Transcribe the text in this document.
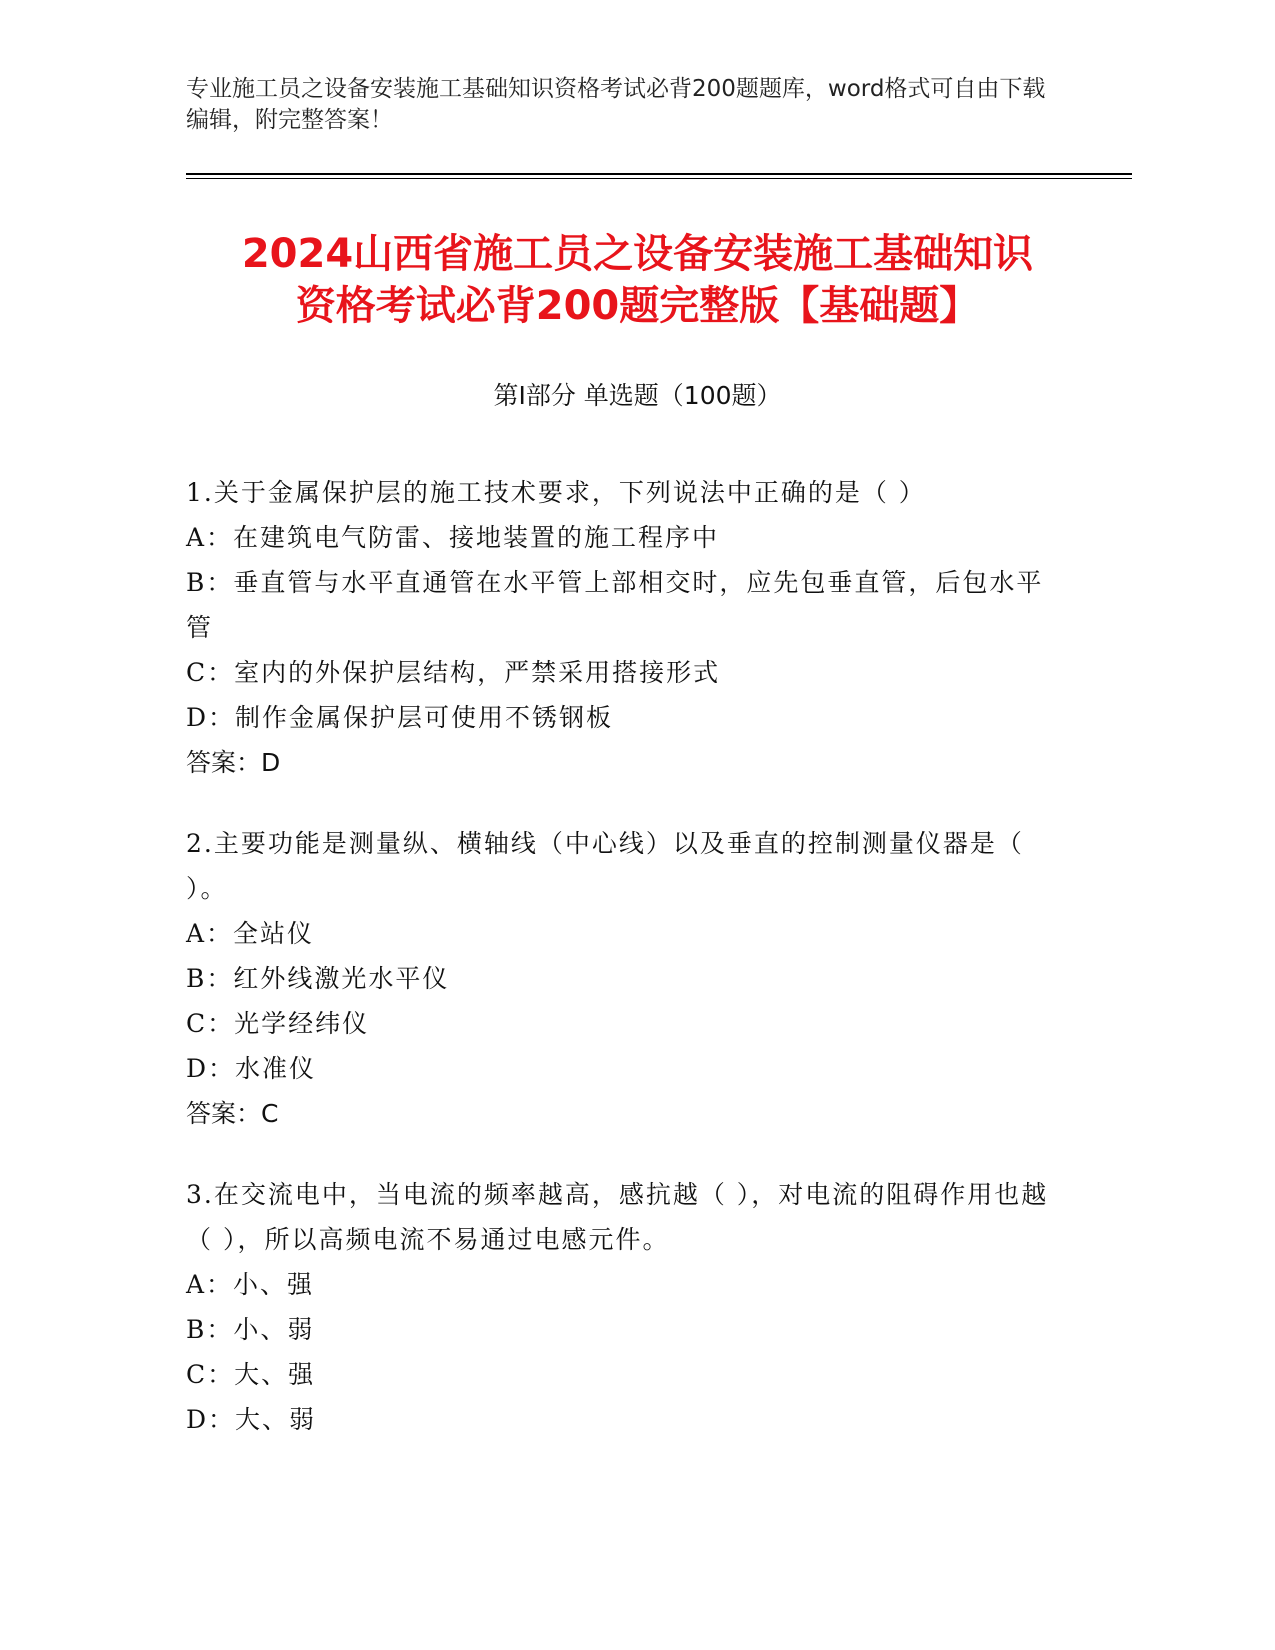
专业施工员之设备安装施工基础知识资格考试必背200题题库，word格式可自由下载编辑，附完整答案！
2024山西省施工员之设备安装施工基础知识
资格考试必背200题完整版【基础题】
第Ⅰ部分 单选题（100题）
1.关于金属保护层的施工技术要求，下列说法中正确的是（ ）
A：在建筑电气防雷、接地装置的施工程序中
B：垂直管与水平直通管在水平管上部相交时，应先包垂直管，后包水平管
C：室内的外保护层结构，严禁采用搭接形式
D：制作金属保护层可使用不锈钢板
答案：D
2.主要功能是测量纵、横轴线（中心线）以及垂直的控制测量仪器是（ ）。
A：全站仪
B：红外线激光水平仪
C：光学经纬仪
D：水准仪
答案：C
3.在交流电中，当电流的频率越高，感抗越（ ），对电流的阻碍作用也越（ ），所以高频电流不易通过电感元件。
A：小、强
B：小、弱
C：大、强
D：大、弱
